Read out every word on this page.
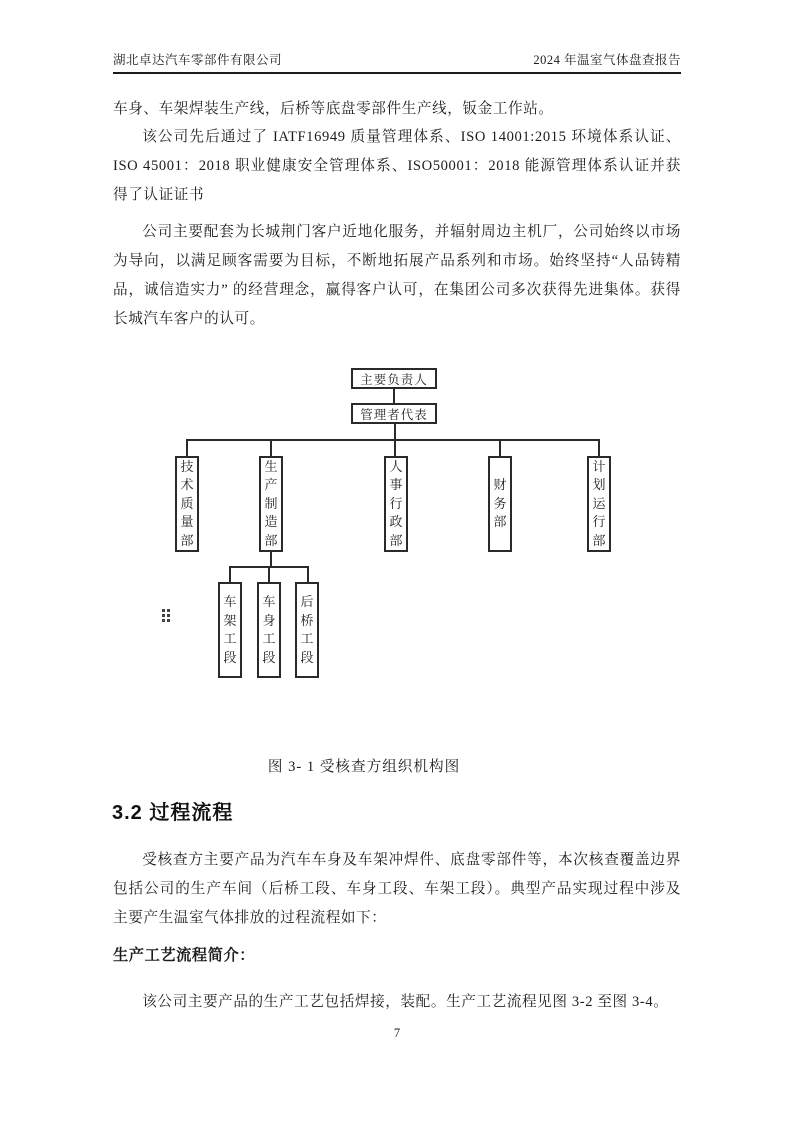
湖北卓达汽车零部件有限公司	2024 年温室气体盘查报告

车身、车架焊装生产线，后桥等底盘零部件生产线，钣金工作站。

该公司先后通过了 IATF16949 质量管理体系、ISO 14001:2015 环境体系认证、ISO 45001：2018 职业健康安全管理体系、ISO50001：2018 能源管理体系认证并获得了认证证书

公司主要配套为长城荆门客户近地化服务，并辐射周边主机厂，公司始终以市场为导向，以满足顾客需要为目标，不断地拓展产品系列和市场。始终坚持“人品铸精品，诚信造实力” 的经营理念，赢得客户认可，在集团公司多次获得先进集体。获得长城汽车客户的认可。

主要负责人
管理者代表
技术质量部
生产制造部
人事行政部
财务部
计划运行部
车架工段
车身工段
后桥工段

图 3- 1 受核查方组织机构图

3.2 过程流程

受核查方主要产品为汽车车身及车架冲焊件、底盘零部件等，本次核查覆盖边界包括公司的生产车间（后桥工段、车身工段、车架工段）。典型产品实现过程中涉及主要产生温室气体排放的过程流程如下：

生产工艺流程简介：

该公司主要产品的生产工艺包括焊接，装配。生产工艺流程见图 3-2 至图 3-4。

7
